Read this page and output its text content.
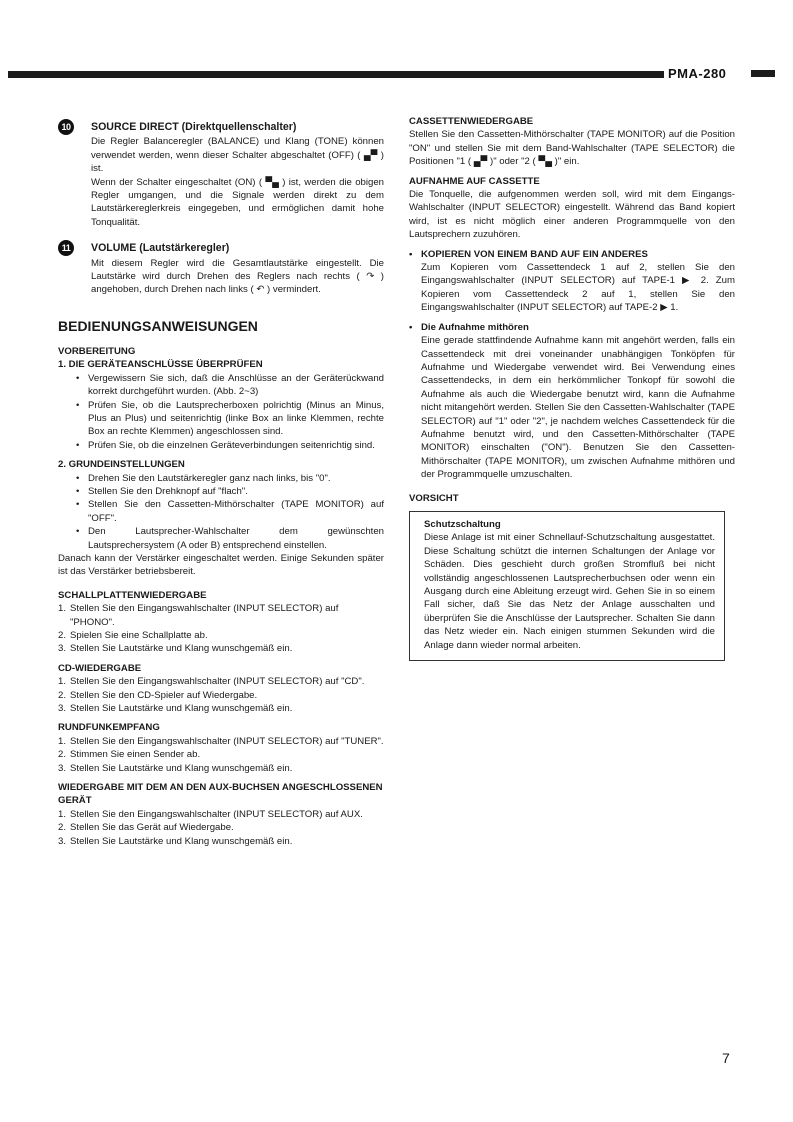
PMA-280
10	SOURCE DIRECT (Direktquellenschalter)
Die Regler Balanceregler (BALANCE) und Klang (TONE) können verwendet werden, wenn dieser Schalter abgeschaltet (OFF) ( ▄▀ ) ist.
Wenn der Schalter eingeschaltet (ON) ( ▀▄ ) ist, werden die obigen Regler umgangen, und die Signale werden direkt zu dem Lautstärkereglerkreis eingegeben, und ermöglichen damit hohe Tonqualität.
11	VOLUME (Lautstärkeregler)
Mit diesem Regler wird die Gesamtlautstärke eingestellt. Die Lautstärke wird durch Drehen des Reglers nach rechts ( ↷ ) angehoben, durch Drehen nach links ( ↶ ) vermindert.
BEDIENUNGSANWEISUNGEN
VORBEREITUNG
1. DIE GERÄTEANSCHLÜSSE ÜBERPRÜFEN
• Vergewissern Sie sich, daß die Anschlüsse an der Geräterückwand korrekt durchgeführt wurden. (Abb. 2~3)
• Prüfen Sie, ob die Lautsprecherboxen polrichtig (Minus an Minus, Plus an Plus) und seitenrichtig (linke Box an linke Klemmen, rechte Box an rechte Klemmen) angeschlossen sind.
• Prüfen Sie, ob die einzelnen Geräteverbindungen seitenrichtig sind.
2. GRUNDEINSTELLUNGEN
• Drehen Sie den Lautstärkeregler ganz nach links, bis "0".
• Stellen Sie den Drehknopf auf "flach".
• Stellen Sie den Cassetten-Mithörschalter (TAPE MONITOR) auf "OFF".
• Den Lautsprecher-Wahlschalter dem gewünschten Lautsprechersystem (A oder B) entsprechend einstellen.
Danach kann der Verstärker eingeschaltet werden. Einige Sekunden später ist das Verstärker betriebsbereit.
SCHALLPLATTENWIEDERGABE
1. Stellen Sie den Eingangswahlschalter (INPUT SELECTOR) auf "PHONO".
2. Spielen Sie eine Schallplatte ab.
3. Stellen Sie Lautstärke und Klang wunschgemäß ein.
CD-WIEDERGABE
1. Stellen Sie den Eingangswahlschalter (INPUT SELECTOR) auf "CD".
2. Stellen Sie den CD-Spieler auf Wiedergabe.
3. Stellen Sie Lautstärke und Klang wunschgemäß ein.
RUNDFUNKEMPFANG
1. Stellen Sie den Eingangswahlschalter (INPUT SELECTOR) auf "TUNER".
2. Stimmen Sie einen Sender ab.
3. Stellen Sie Lautstärke und Klang wunschgemäß ein.
WIEDERGABE MIT DEM AN DEN AUX-BUCHSEN ANGESCHLOSSENEN GERÄT
1. Stellen Sie den Eingangswahlschalter (INPUT SELECTOR) auf AUX.
2. Stellen Sie das Gerät auf Wiedergabe.
3. Stellen Sie Lautstärke und Klang wunschgemäß ein.
CASSETTENWIEDERGABE
Stellen Sie den Cassetten-Mithörschalter (TAPE MONITOR) auf die Position "ON" und stellen Sie mit dem Band-Wahlschalter (TAPE SELECTOR) die Positionen "1 ( ▄▀ )" oder "2 ( ▀▄ )" ein.
AUFNAHME AUF CASSETTE
Die Tonquelle, die aufgenommen werden soll, wird mit dem Eingangs-Wahlschalter (INPUT SELECTOR) eingestellt. Während das Band kopiert wird, ist es nicht möglich einer anderen Programmquelle von den Lautsprechern zuzuhören.
• KOPIEREN VON EINEM BAND AUF EIN ANDERES
Zum Kopieren vom Cassettendeck 1 auf 2, stellen Sie den Eingangswahlschalter (INPUT SELECTOR) auf TAPE-1 ▶ 2. Zum Kopieren vom Cassettendeck 2 auf 1, stellen Sie den Eingangswahlschalter (INPUT SELECTOR) auf TAPE-2 ▶ 1.
• Die Aufnahme mithören
Eine gerade stattfindende Aufnahme kann mit angehört werden, falls ein Cassettendeck mit drei voneinander unabhängigen Tonköpfen für Aufnahme und Wiedergabe verwendet wird. Bei Verwendung eines Cassettendecks, in dem ein herkömmlicher Tonkopf für sowohl die Aufnahme als auch die Wiedergabe benutzt wird, kann die Aufnahme nicht mitangehört werden. Stellen Sie den Cassetten-Wahlschalter (TAPE SELECTOR) auf "1" oder "2", je nachdem welches Cassettendeck für die Aufnahme benutzt wird, und den Cassetten-Mithörschalter (TAPE MONITOR) einschalten ("ON"). Benutzen Sie den Cassetten-Mithörschalter (TAPE MONITOR), um zwischen Aufnahme mithören und der Programmquelle umzuschalten.
VORSICHT
Schutzschaltung
Diese Anlage ist mit einer Schnellauf-Schutzschaltung ausgestattet. Diese Schaltung schützt die internen Schaltungen der Anlage vor Schäden. Dies geschieht durch großen Stromfluß bei nicht vollständig angeschlossenen Lautsprecherbuchsen oder wenn ein Ausgang durch eine Ableitung erzeugt wird. Gehen Sie in so einem Fall sicher, daß Sie das Netz der Anlage ausschalten und überprüfen Sie die Anschlüsse der Lautsprecher. Schalten Sie dann das Netz wieder ein. Nach einigen stummen Sekunden wird die Anlage dann wieder normal arbeiten.
7
